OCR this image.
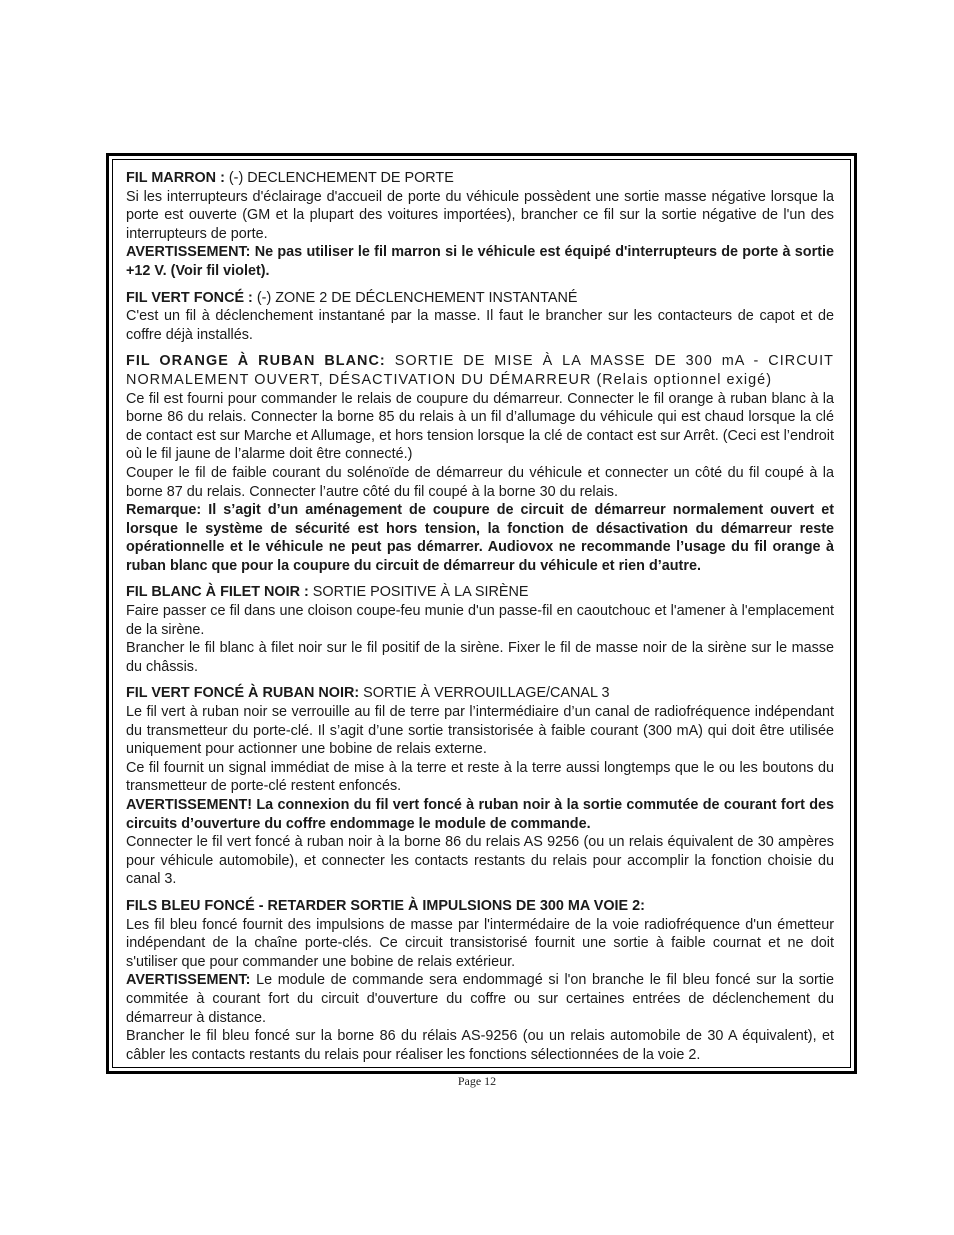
FIL MARRON : (-) DECLENCHEMENT DE PORTE

Si les interrupteurs d'éclairage d'accueil de porte du véhicule possèdent une sortie masse négative lorsque la porte est ouverte (GM et la plupart des voitures importées), brancher ce fil sur la sortie négative de l'un des interrupteurs de porte.

AVERTISSEMENT: Ne pas utiliser le fil marron si le véhicule est équipé d'interrupteurs de porte à sortie +12 V. (Voir fil violet).

FIL VERT FONCÉ : (-) ZONE 2 DE DÉCLENCHEMENT INSTANTANÉ

C'est un fil à déclenchement instantané par la masse. Il faut le brancher sur les contacteurs de capot et de coffre déjà installés.

FIL ORANGE À RUBAN BLANC: SORTIE DE MISE À LA MASSE DE 300 mA - CIRCUIT NORMALEMENT OUVERT, DÉSACTIVATION DU DÉMARREUR (Relais optionnel exigé)

Ce fil est fourni pour commander le relais de coupure du démarreur. Connecter le fil orange à ruban blanc à la borne 86 du relais. Connecter la borne 85 du relais à un fil d’allumage du véhicule qui est chaud lorsque la clé de contact est sur Marche et Allumage, et hors tension lorsque la clé de contact est sur Arrêt. (Ceci est l’endroit où le fil jaune de l’alarme doit être connecté.)

Couper le fil de faible courant du solénoïde de démarreur du véhicule et connecter un côté du fil coupé à la borne 87 du relais. Connecter l’autre côté du fil coupé à la borne 30 du relais.

Remarque: Il s’agit d’un aménagement de coupure de circuit de démarreur normalement ouvert et lorsque le système de sécurité est hors tension, la fonction de désactivation du démarreur reste opérationnelle et le véhicule ne peut pas démarrer. Audiovox ne recommande l’usage du fil orange à ruban blanc que pour la coupure du circuit de démarreur du véhicule et rien d’autre.

FIL BLANC À FILET NOIR : SORTIE POSITIVE À LA SIRÈNE

Faire passer ce fil dans une cloison coupe-feu munie d'un passe-fil en caoutchouc et l'amener à l'emplacement de la sirène.

Brancher le fil blanc à filet noir sur le fil positif de la sirène. Fixer le fil de masse noir de la sirène sur le masse du châssis.

FIL VERT FONCÉ À RUBAN NOIR: SORTIE À VERROUILLAGE/CANAL 3

Le fil vert à ruban noir se verrouille au fil de terre par l’intermédiaire d’un canal de radiofréquence indépendant du transmetteur du porte-clé. Il s’agit d’une sortie transistorisée à faible courant (300 mA) qui doit être utilisée uniquement pour actionner une bobine de relais externe.

Ce fil fournit un signal immédiat de mise à la terre et reste à la terre aussi longtemps que le ou les boutons du transmetteur de porte-clé restent enfoncés.

AVERTISSEMENT! La connexion du fil vert foncé à ruban noir à la sortie commutée de courant fort des circuits d’ouverture du coffre endommage le module de commande.

Connecter le fil vert foncé à ruban noir à la borne 86 du relais AS 9256 (ou un relais équivalent de 30 ampères pour véhicule automobile), et connecter les contacts restants du relais pour accomplir la fonction choisie du canal 3.

FILS BLEU FONCÉ - RETARDER SORTIE À IMPULSIONS DE 300 MA VOIE 2:

Les fil bleu foncé fournit des impulsions de masse par l'intermédaire de la voie radiofréquence d'un émetteur indépendant de la chaîne porte-clés. Ce circuit transistorisé fournit une sortie à faible cournat et ne doit s'utiliser que pour commander une bobine de relais extérieur.

AVERTISSEMENT: Le module de commande sera endommagé si l'on branche le fil bleu foncé sur la sortie commitée à courant fort du circuit d'ouverture du coffre ou sur certaines entrées de déclenchement du démarreur à distance.

Brancher le fil bleu foncé sur la borne 86 du rélais AS-9256 (ou un relais automobile de 30 A équivalent), et câbler les contacts restants du relais pour réaliser les fonctions sélectionnées de la voie 2.

Page 12
